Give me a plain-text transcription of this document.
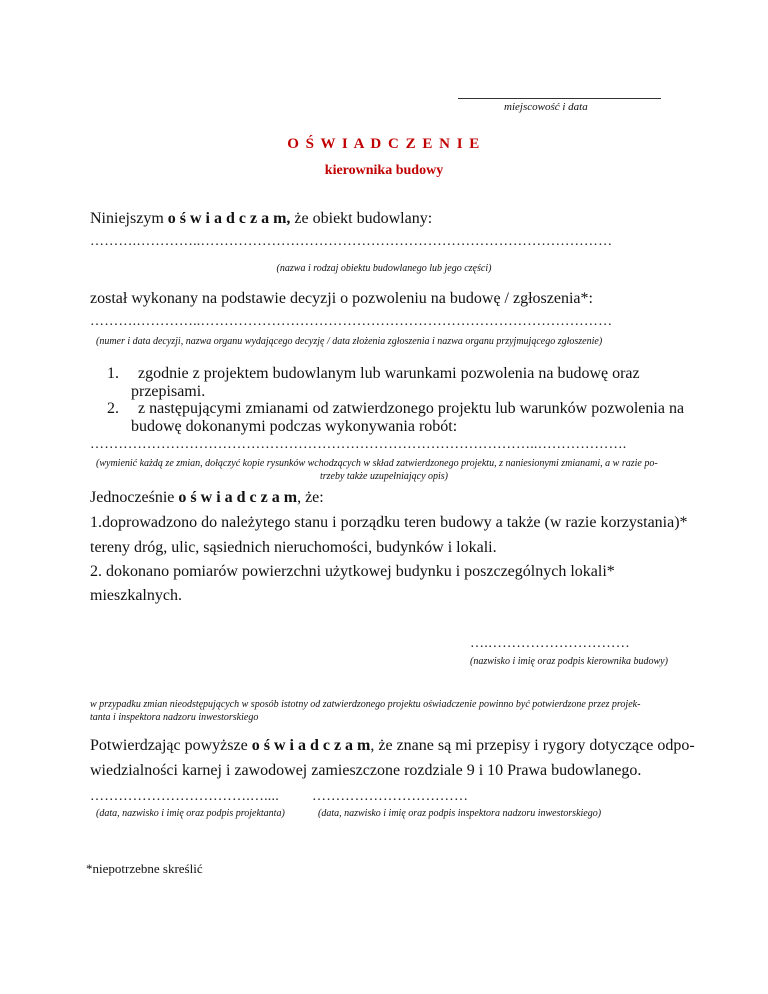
miejscowość i data
O Ś W I A D C Z E N I E
kierownika budowy
Niniejszym o ś w i a d c z a m, że obiekt budowlany:
……….…………..……………………………………………………………………………
(nazwa i rodzaj obiektu budowlanego lub jego części)
został wykonany na podstawie decyzji o pozwoleniu na budowę / zgłoszenia*:
……….…………..……………………………………………………………………………
(numer i data decyzji, nazwa organu wydającego decyzję / data złożenia zgłoszenia i nazwa organu przyjmującego zgłoszenie)
1. zgodnie z projektem budowlanym lub warunkami pozwolenia na budowę oraz
przepisami.
2. z następującymi zmianami od zatwierdzonego projektu lub warunków pozwolenia na
budowę dokonanymi podczas wykonywania robót:
…………………………………………………………………………………..……………….
(wymienić każdą ze zmian, dołączyć kopie rysunków wchodzących w skład zatwierdzonego projektu, z naniesionymi zmianami, a w razie po-
trzeby także uzupełniający opis)
Jednocześnie o ś w i a d c z a m, że:
1.doprowadzono do należytego stanu i porządku teren budowy a także (w razie korzystania)*
tereny dróg, ulic, sąsiednich nieruchomości, budynków i lokali.
2. dokonano pomiarów powierzchni użytkowej budynku i poszczególnych lokali*
mieszkalnych.
….…………………………
(nazwisko i imię oraz podpis kierownika budowy)
w przypadku zmian nieodstępujących w sposób istotny od zatwierdzonego projektu oświadczenie powinno być potwierdzone przez projek-
tanta i inspektora nadzoru inwestorskiego
Potwierdzając powyższe o ś w i a d c z a m, że znane są mi przepisy i rygory dotyczące odpo-
wiedzialności karnej i zawodowej zamieszczone rozdziale 9 i 10 Prawa budowlanego.
…………………………….…....
(data, nazwisko i imię oraz podpis projektanta)
……………………………
(data, nazwisko i imię oraz podpis inspektora nadzoru inwestorskiego)
*niepotrzebne skreślić
